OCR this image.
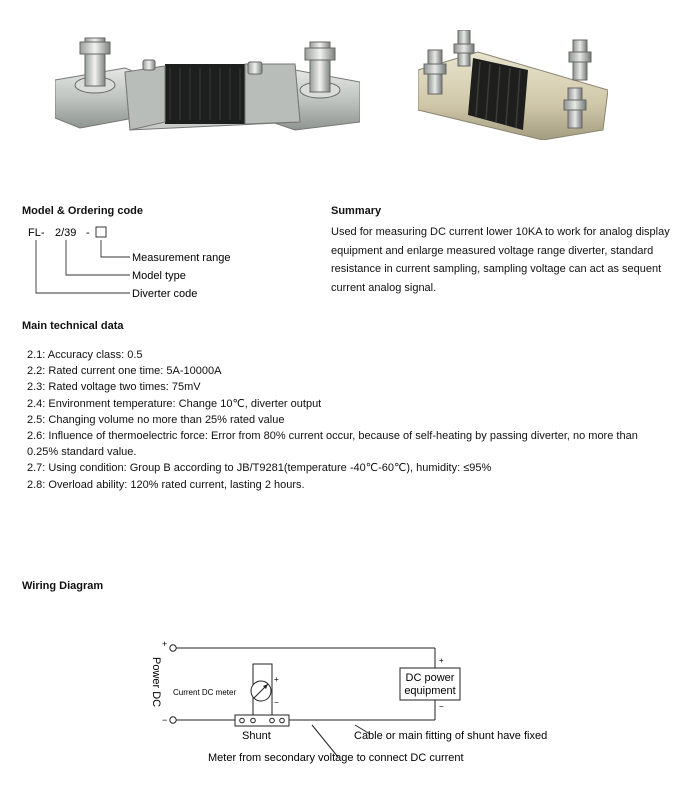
Model & Ordering code
FL- 2/39 -
Measurement range
Model type
Diverter code
Summary
Used for measuring DC current lower 10KA to work for analog display
equipment and enlarge measured voltage range diverter, standard
resistance in current sampling, sampling voltage can act as sequent
current analog signal.
Main technical data
2.1: Accuracy class: 0.5
2.2: Rated current one time: 5A-10000A
2.3: Rated voltage two times: 75mV
2.4: Environment temperature: Change 10℃, diverter output
2.5: Changing volume no more than 25% rated value
2.6: Influence of thermoelectric force: Error from 80% current occur, because of self-heating by passing diverter, no more than
0.25% standard value.
2.7: Using condition: Group B according to JB/T9281(temperature -40℃-60℃), humidity: ≤95%
2.8: Overload ability: 120% rated current, lasting 2 hours.
Wiring Diagram
+
−
Power DC Current DC meter
+
−
Shunt
DC power
equipment
+
−
Cable or main fitting of shunt have fixed
Meter from secondary voltage to connect DC current
